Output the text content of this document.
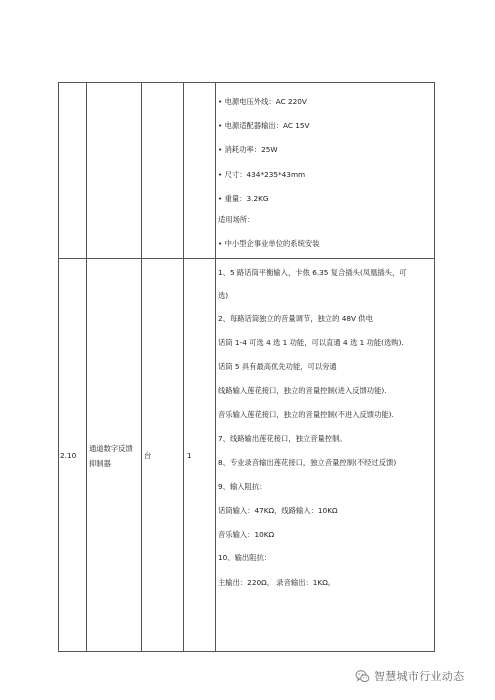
• 电源电压外线：AC 220V
• 电源适配器输出：AC 15V
• 消耗功率：25W
• 尺寸：434*235*43mm
• 重量：3.2KG
适用场所：
• 中小型企事业单位的系统安装
2.10
通道数字反馈抑制器
台	1
1、5 路话筒平衡输入，卡侬 6.35 复合插头(凤凰插头，可
选)
2、每路话筒独立的音量调节，独立的 48V 供电
话筒 1-4 可选 4 选 1 功能，可以直通 4 选 1 功能(选购).
话筒 5 具有最高优先功能，可以旁通
线路输入莲花接口，独立的音量控制(进入反馈功能).
音乐输入莲花接口，独立的音量控制(不进入反馈功能).
7、线路输出莲花接口，独立音量控制。
8、专业录音输出莲花接口，独立音量控制(不经过反馈)
9、输入阻抗：
话筒输入：47KΩ，线路输入：10KΩ
音乐输入：10KΩ
10、输出阻抗：
主输出：220Ω， 录音输出：1KΩ。
智慧城市行业动态
